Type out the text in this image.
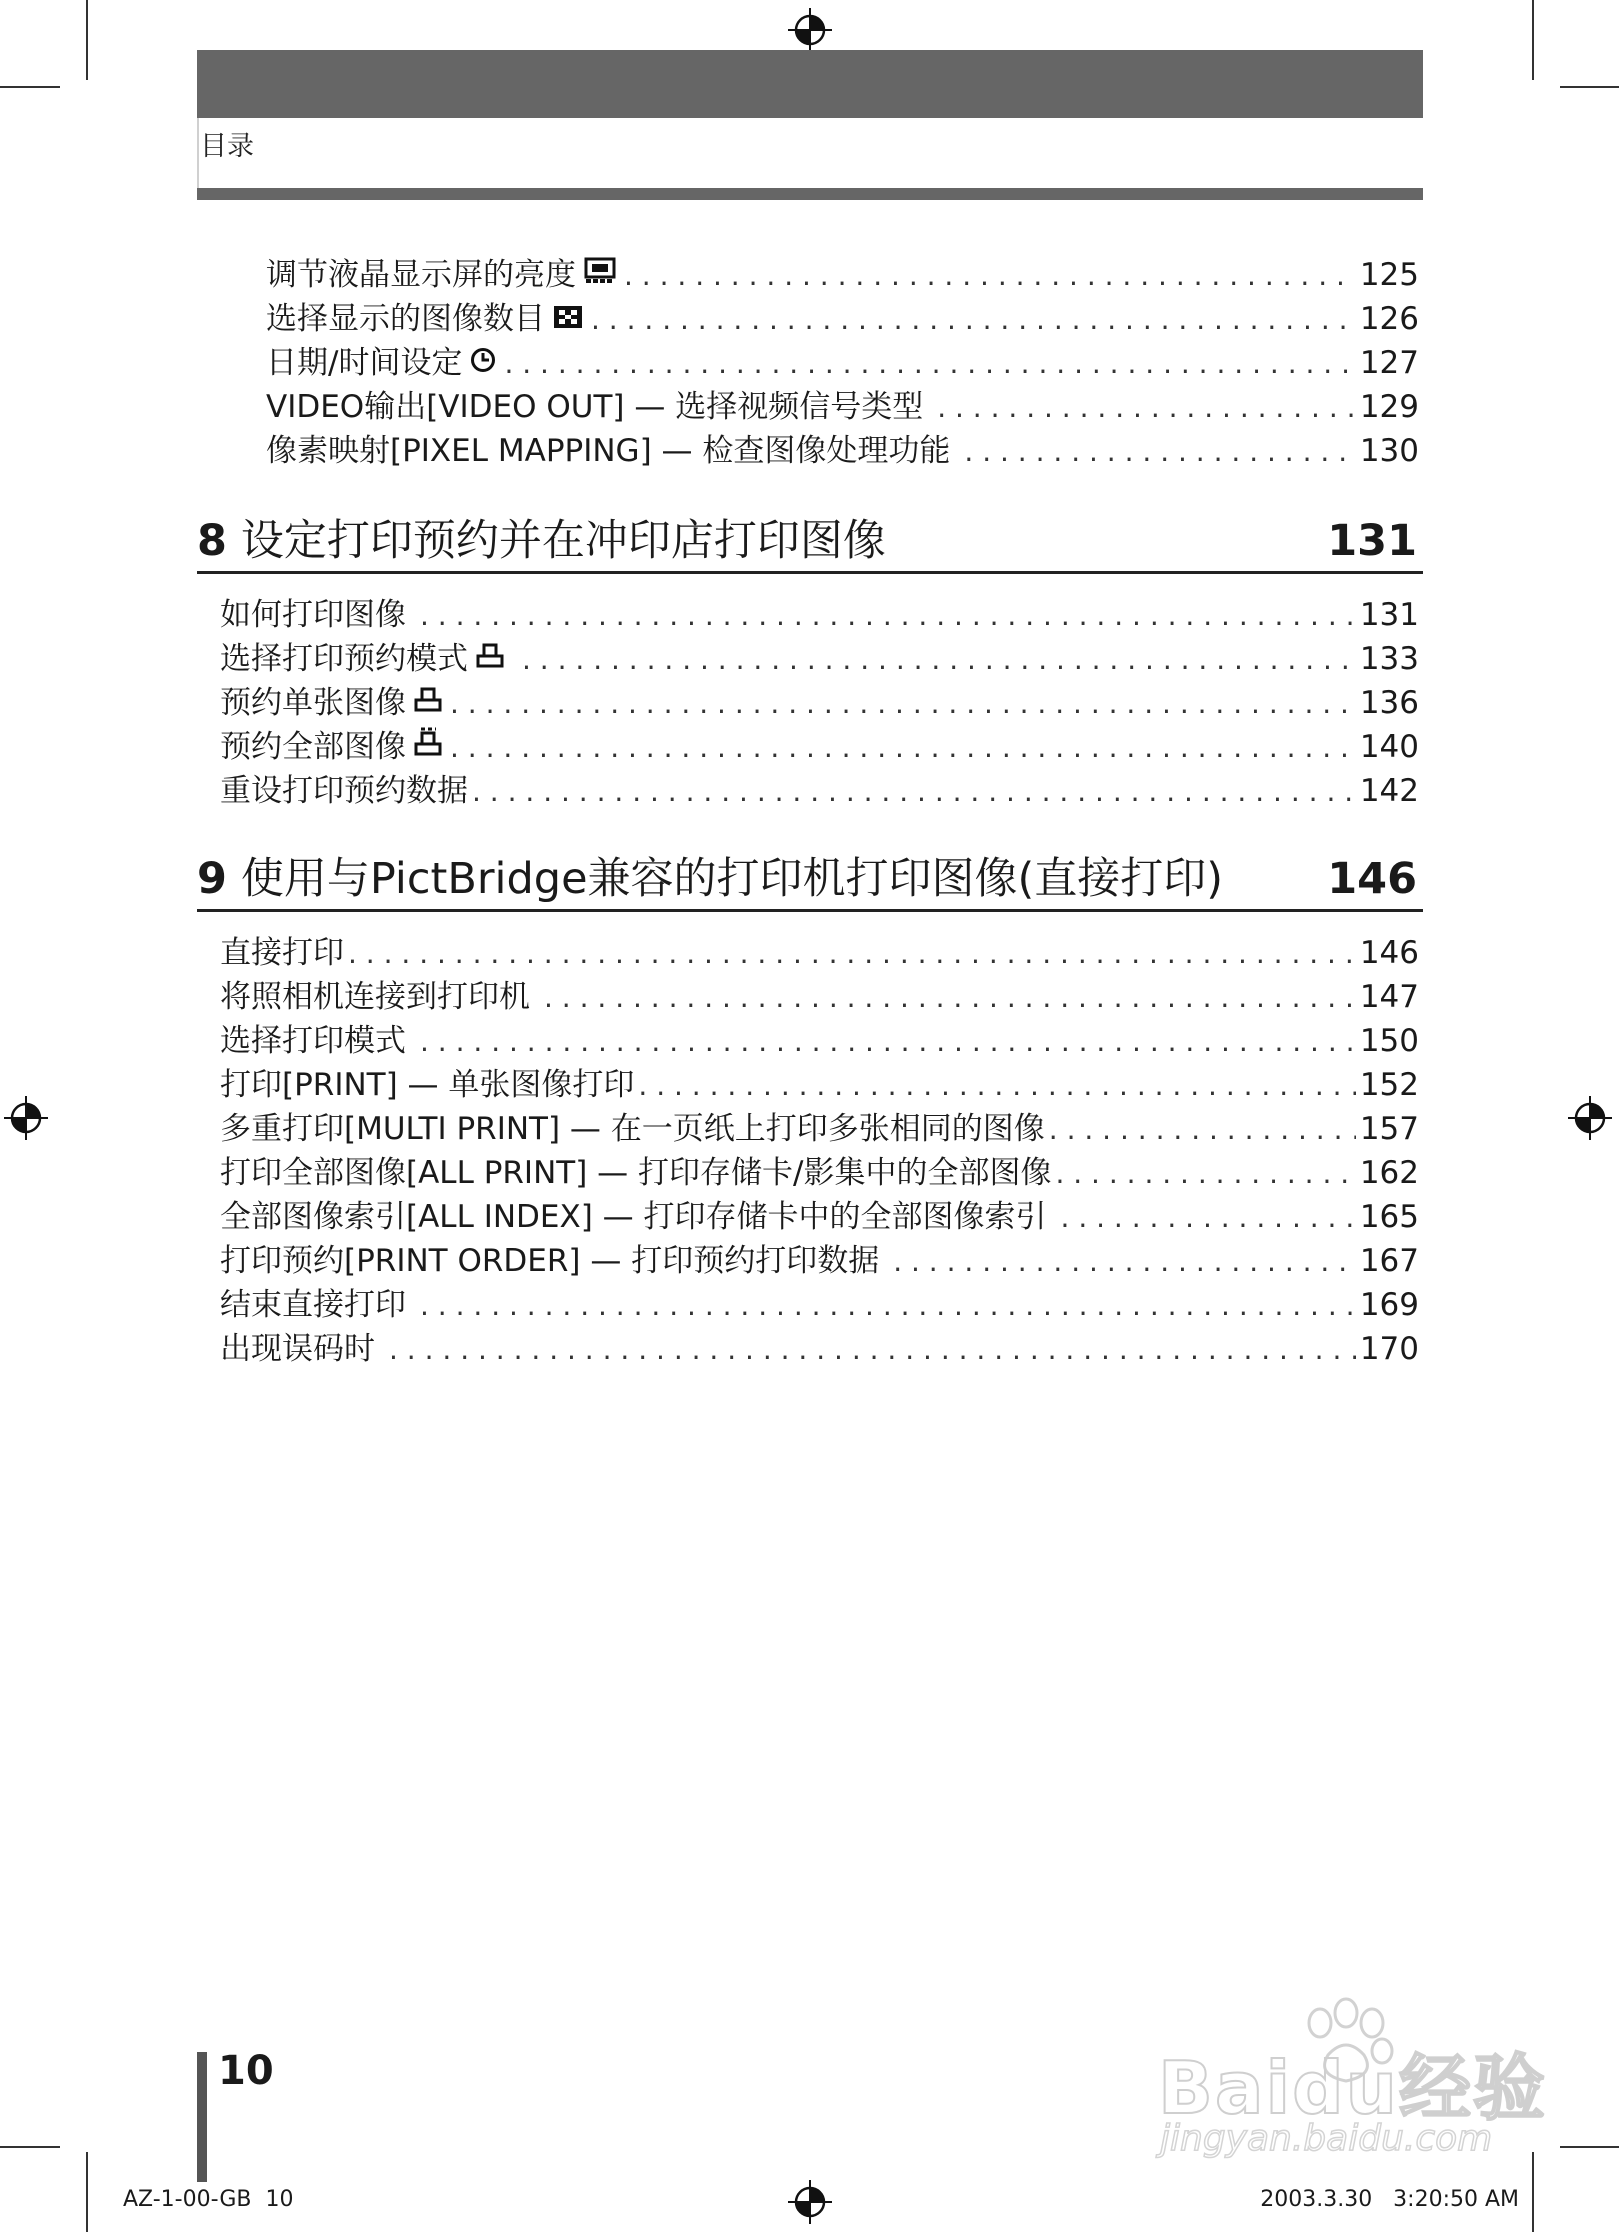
目录
调节液晶显示屏的亮度 . . .	125
选择显示的图像数目 . . .	126
日期/时间设定 . . .	127
VIDEO输出[VIDEO OUT] — 选择视频信号类型 . . .	129
像素映射[PIXEL MAPPING] — 检查图像处理功能 . . .	130
8 设定打印预约并在冲印店打印图像	131
如何打印图像 . . .	131
选择打印预约模式 . . .	133
预约单张图像 . . .	136
预约全部图像 . . .	140
重设打印预约数据 . . .	142
9 使用与PictBridge兼容的打印机打印图像(直接打印) 146
直接打印 . . .	146
将照相机连接到打印机 . . .	147
选择打印模式 . . .	150
打印[PRINT] — 单张图像打印 . . .	152
多重打印[MULTI PRINT] — 在一页纸上打印多张相同的图像 . . .	157
打印全部图像[ALL PRINT] — 打印存储卡/影集中的全部图像 . . .	162
全部图像索引[ALL INDEX] — 打印存储卡中的全部图像索引 . . .	165
打印预约[PRINT ORDER] — 打印预约打印数据 . . .	167
结束直接打印 . . .	169
出现误码时 . . .	170
10
AZ-1-00-GB  10	2003.3.30   3:20:50 AM
Baidu经验
jingyan.baidu.com
